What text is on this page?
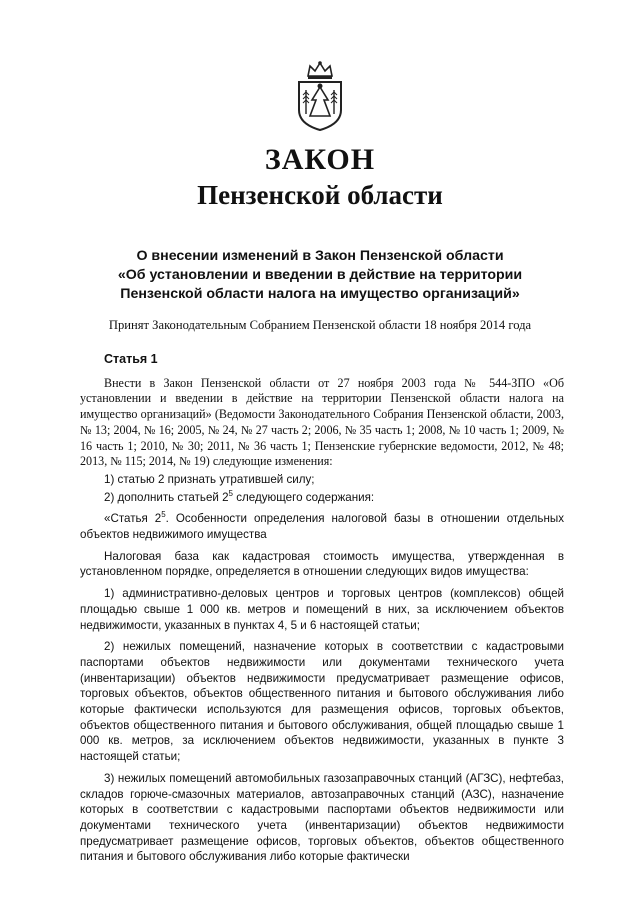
ЗАКОН
Пензенской области
О внесении изменений в Закон Пензенской области
«Об установлении и введении в действие на территории
Пензенской области налога на имущество организаций»
Принят Законодательным Собранием Пензенской области 18 ноября 2014 года
Статья 1

Внести в Закон Пензенской области от 27 ноября 2003 года № 544-ЗПО «Об установлении и введении в действие на территории Пензенской области налога на имущество организаций» (Ведомости Законодательного Собрания Пензенской области, 2003, № 13; 2004, № 16; 2005, № 24, № 27 часть 2; 2006, № 35 часть 1; 2008, № 10 часть 1; 2009, № 16 часть 1; 2010, № 30; 2011, № 36 часть 1; Пензенские губернские ведомости, 2012, № 48; 2013, № 115; 2014, № 19) следующие изменения:

1) статью 2 признать утратившей силу;
2) дополнить статьей $2^5$ следующего содержания:

«Статья $2^5$. Особенности определения налоговой базы в отношении отдельных объектов недвижимого имущества

Налоговая база как кадастровая стоимость имущества, утвержденная в установленном порядке, определяется в отношении следующих видов имущества:

1) административно-деловых центров и торговых центров (комплексов) общей площадью свыше 1 000 кв. метров и помещений в них, за исключением объектов недвижимости, указанных в пунктах 4, 5 и 6 настоящей статьи;

2) нежилых помещений, назначение которых в соответствии с кадастровыми паспортами объектов недвижимости или документами технического учета (инвентаризации) объектов недвижимости предусматривает размещение офисов, торговых объектов, объектов общественного питания и бытового обслуживания либо которые фактически используются для размещения офисов, торговых объектов, объектов общественного питания и бытового обслуживания, общей площадью свыше 1 000 кв. метров, за исключением объектов недвижимости, указанных в пункте 3 настоящей статьи;

3) нежилых помещений автомобильных газозаправочных станций (АГЗС), нефтебаз, складов горюче-смазочных материалов, автозаправочных станций (АЗС), назначение которых в соответствии с кадастровыми паспортами объектов недвижимости или документами технического учета (инвентаризации) объектов недвижимости предусматривает размещение офисов, торговых объектов, объектов общественного питания и бытового обслуживания либо которые фактически
